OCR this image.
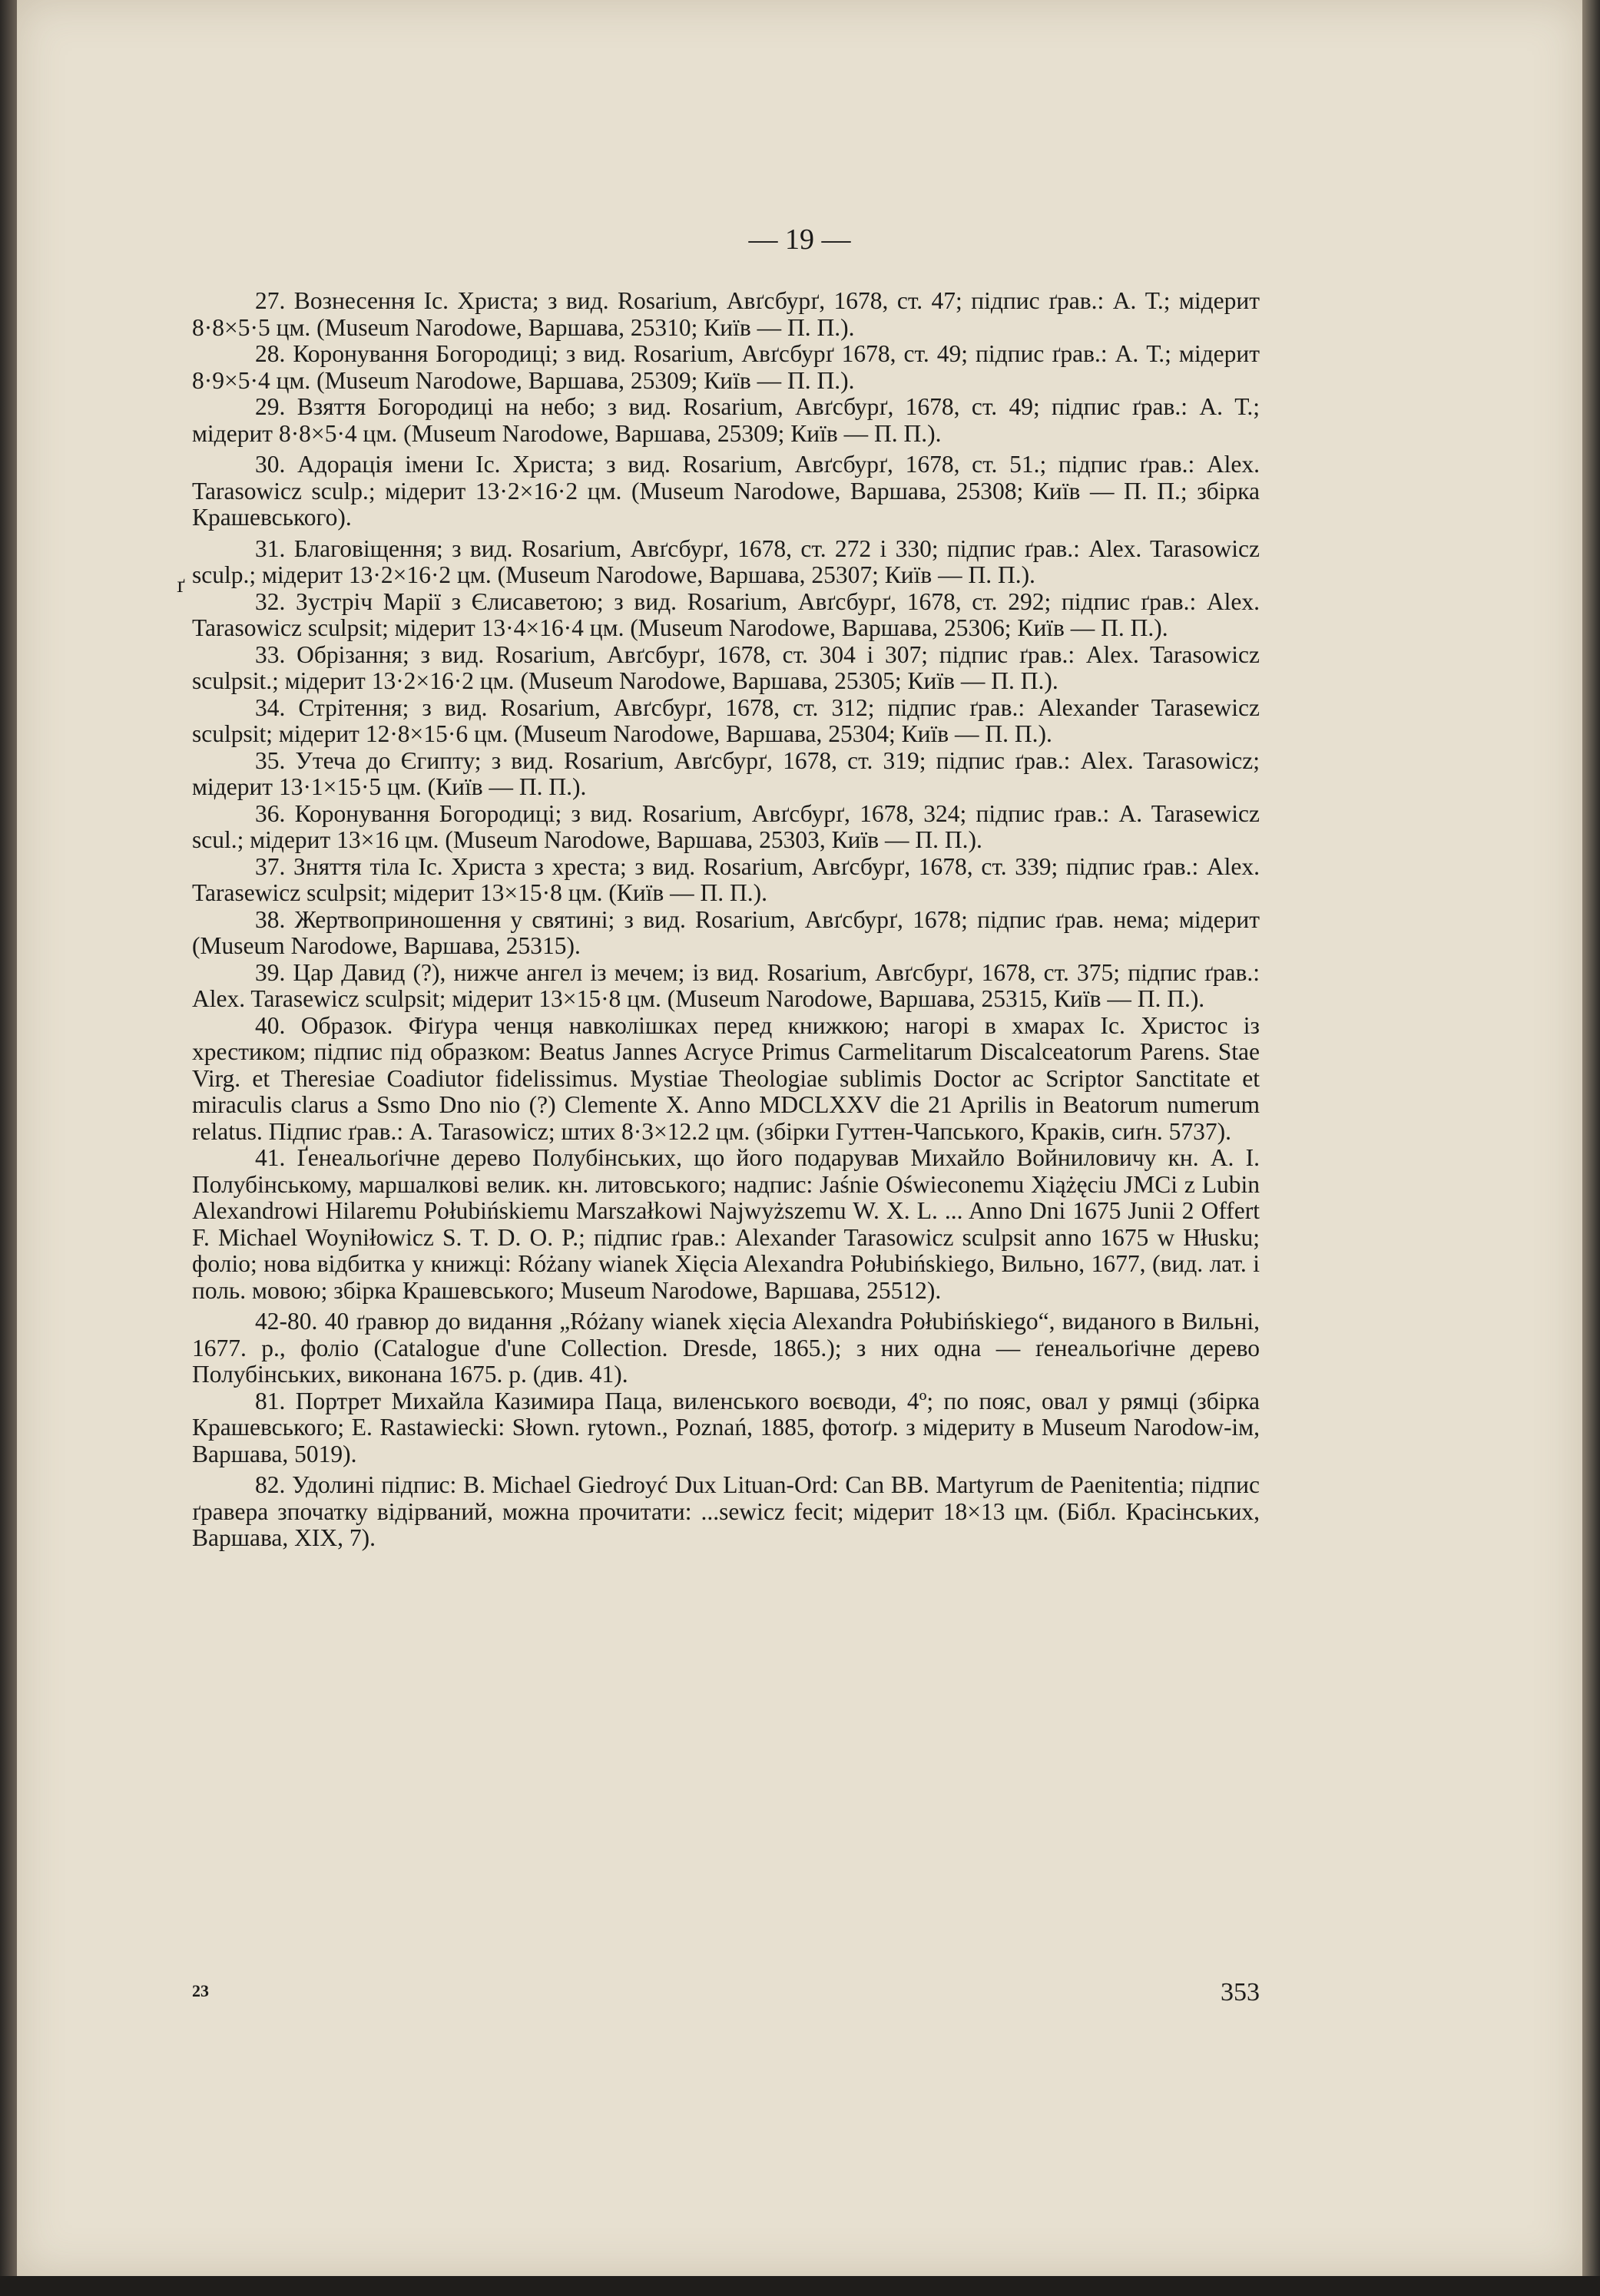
— 19 —
ґ

27. Вознесення Іс. Христа; з вид. Rosarium, Авґсбурґ, 1678, ст. 47; підпис ґрав.: А. Т.; мідерит 8·8×5·5 цм. (Museum Narodowe, Варшава, 25310; Київ — П. П.).

28. Коронування Богородиці; з вид. Rosarium, Авґсбурґ 1678, ст. 49; підпис ґрав.: А. Т.; мідерит 8·9×5·4 цм. (Museum Narodowe, Варшава, 25309; Київ — П. П.).

29. Взяття Богородиці на небо; з вид. Rosarium, Авґсбурґ, 1678, ст. 49; підпис ґрав.: А. Т.; мідерит 8·8×5·4 цм. (Museum Narodowe, Варшава, 25309; Київ — П. П.).

30. Адорація імени Іс. Христа; з вид. Rosarium, Авґсбурґ, 1678, ст. 51.; підпис ґрав.: Alex. Tarasowicz sculp.; мідерит 13·2×16·2 цм. (Museum Narodowe, Варшава, 25308; Київ — П. П.; збірка Крашевського).

31. Благовіщення; з вид. Rosarium, Авґсбурґ, 1678, ст. 272 і 330; підпис ґрав.: Alex. Tarasowicz sculp.; мідерит 13·2×16·2 цм. (Museum Narodowe, Варшава, 25307; Київ — П. П.).

32. Зустріч Марії з Єлисаветою; з вид. Rosarium, Авґсбурґ, 1678, ст. 292; підпис ґрав.: Alex. Tarasowicz sculpsit; мідерит 13·4×16·4 цм. (Museum Narodowe, Варшава, 25306; Київ — П. П.).

33. Обрізання; з вид. Rosarium, Авґсбурґ, 1678, ст. 304 і 307; підпис ґрав.: Alex. Tarasowicz sculpsit.; мідерит 13·2×16·2 цм. (Museum Narodowe, Варшава, 25305; Київ — П. П.).

34. Стрітення; з вид. Rosarium, Авґсбурґ, 1678, ст. 312; підпис ґрав.: Alexander Tarasewicz sculpsit; мідерит 12·8×15·6 цм. (Museum Narodowe, Варшава, 25304; Київ — П. П.).

35. Утеча до Єгипту; з вид. Rosarium, Авґсбурґ, 1678, ст. 319; підпис ґрав.: Alex. Tarasowicz; мідерит 13·1×15·5 цм. (Київ — П. П.).

36. Коронування Богородиці; з вид. Rosarium, Авґсбурґ, 1678, 324; підпис ґрав.: A. Tarasewicz scul.; мідерит 13×16 цм. (Museum Narodowe, Варшава, 25303, Київ — П. П.).

37. Зняття тіла Іс. Христа з хреста; з вид. Rosarium, Авґсбурґ, 1678, ст. 339; підпис ґрав.: Alex. Tarasewicz sculpsit; мідерит 13×15·8 цм. (Київ — П. П.).

38. Жертвоприношення у святині; з вид. Rosarium, Авґсбурґ, 1678; підпис ґрав. нема; мідерит (Museum Narodowe, Варшава, 25315).

39. Цар Давид (?), нижче ангел із мечем; із вид. Rosarium, Авґсбурґ, 1678, ст. 375; підпис ґрав.: Alex. Tarasewicz sculpsit; мідерит 13×15·8 цм. (Museum Narodowe, Варшава, 25315, Київ — П. П.).

40. Образок. Фіґура ченця навколішках перед книжкою; нагорі в хмарах Іс. Христос із хрестиком; підпис під образком: Beatus Jannes Acryce Primus Carmelitarum Discalceatorum Parens. Stae Virg. et Theresiae Coadiutor fidelissimus. Mystiae Theologiae sublimis Doctor ac Scriptor Sanctitate et miraculis clarus a Ssmo Dno nio (?) Clemente X. Anno MDCLXXV die 21 Aprilis in Beatorum numerum relatus. Підпис ґрав.: A. Tarasowicz; штих 8·3×12.2 цм. (збірки Гуттен-Чапського, Краків, сиґн. 5737).

41. Ґенеальоґічне дерево Полубінських, що його подарував Михайло Войниловичу кн. А. І. Полубінському, маршалкові велик. кн. литовського; надпис: Jaśnie Oświeconemu Xiążęciu JMCi z Lubin Alexandrowi Hilaremu Połubińskiemu Marszałkowi Najwyższemu W. X. L. ... Anno Dni 1675 Junii 2 Offert F. Michael Woyniłowicz S. T. D. O. P.; підпис ґрав.: Alexander Tarasowicz sculpsit anno 1675 w Hłusku; фоліо; нова відбитка у книжці: Różany wianek Xięcia Alexandra Połubińskiego, Вильно, 1677, (вид. лат. і поль. мовою; збірка Крашевського; Museum Narodowe, Варшава, 25512).

42-80. 40 ґравюр до видання „Różany wianek xięcia Alexandra Połubińskiego“, виданого в Вильні, 1677. р., фоліо (Catalogue d'une Collection. Dresde, 1865.); з них одна — ґенеальоґічне дерево Полубінських, виконана 1675. р. (див. 41).

81. Портрет Михайла Казимира Паца, виленського воєводи, 4º; по пояс, овал у рямці (збірка Крашевського; E. Rastawiecki: Słown. rytown., Poznań, 1885, фотоґр. з мідериту в Museum Narodow-ім, Варшава, 5019).

82. Удолині підпис: B. Michael Giedroyć Dux Lituan-Ord: Can BB. Martyrum de Paenitentia; підпис ґравера зпочатку відірваний, можна прочитати: ...sewicz fecit; мідерит 18×13 цм. (Бібл. Красінських, Варшава, XIX, 7).

23	353
